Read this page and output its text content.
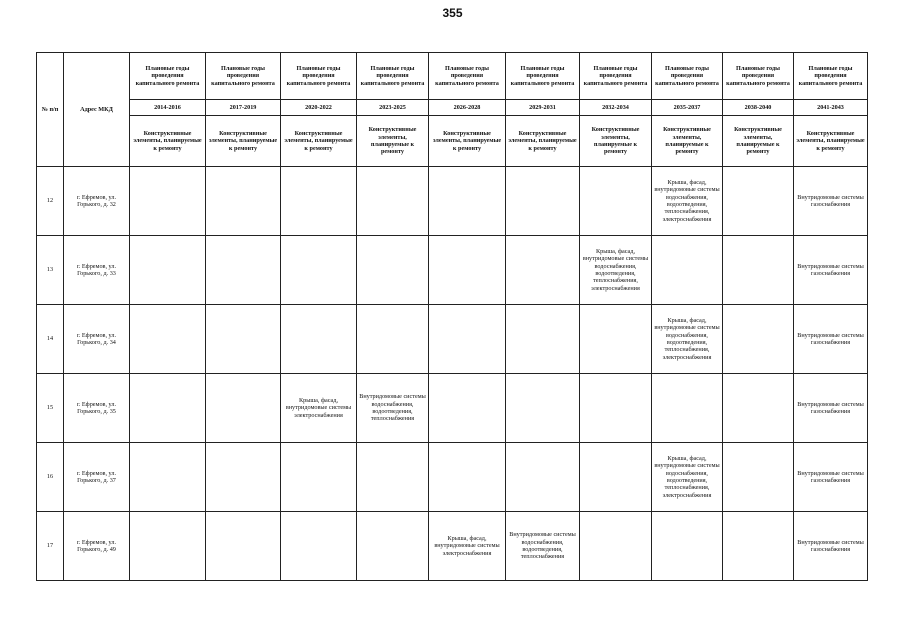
355
№ п/п	Адрес МКД	Плановые годы проведения капитального ремонта	Плановые годы проведения капитального ремонта	Плановые годы проведения капитального ремонта	Плановые годы проведения капитального ремонта	Плановые годы проведения капитального ремонта	Плановые годы проведения капитального ремонта	Плановые годы проведения капитального ремонта	Плановые годы проведения капитального ремонта	Плановые годы проведения капитального ремонта	Плановые годы проведения капитального ремонта
		2014-2016	2017-2019	2020-2022	2023-2025	2026-2028	2029-2031	2032-2034	2035-2037	2038-2040	2041-2043
		Конструктивные элементы, планируемые к ремонту	Конструктивные элементы, планируемые к ремонту	Конструктивные элементы, планируемые к ремонту	Конструктивные элементы, планируемые к ремонту	Конструктивные элементы, планируемые к ремонту	Конструктивные элементы, планируемые к ремонту	Конструктивные элементы, планируемые к ремонту	Конструктивные элементы, планируемые к ремонту	Конструктивные элементы, планируемые к ремонту	Конструктивные элементы, планируемые к ремонту
12	г. Ефремов, ул. Горького, д. 32								Крыша, фасад, внутридомовые системы водоснабжения, водоотведения, теплоснабжения, электроснабжения		Внутридомовые системы газоснабжения
13	г. Ефремов, ул. Горького, д. 33							Крыша, фасад, внутридомовые системы водоснабжения, водоотведения, теплоснабжения, электроснабжения			Внутридомовые системы газоснабжения
14	г. Ефремов, ул. Горького, д. 34								Крыша, фасад, внутридомовые системы водоснабжения, водоотведения, теплоснабжения, электроснабжения		Внутридомовые системы газоснабжения
15	г. Ефремов, ул. Горького, д. 35			Крыша, фасад, внутридомовые системы электроснабжения	Внутридомовые системы водоснабжения, водоотведения, теплоснабжения						Внутридомовые системы газоснабжения
16	г. Ефремов, ул. Горького, д. 37								Крыша, фасад, внутридомовые системы водоснабжения, водоотведения, теплоснабжения, электроснабжения		Внутридомовые системы газоснабжения
17	г. Ефремов, ул. Горького, д. 49					Крыша, фасад, внутридомовые системы электроснабжения	Внутридомовые системы водоснабжения, водоотведения, теплоснабжения				Внутридомовые системы газоснабжения
